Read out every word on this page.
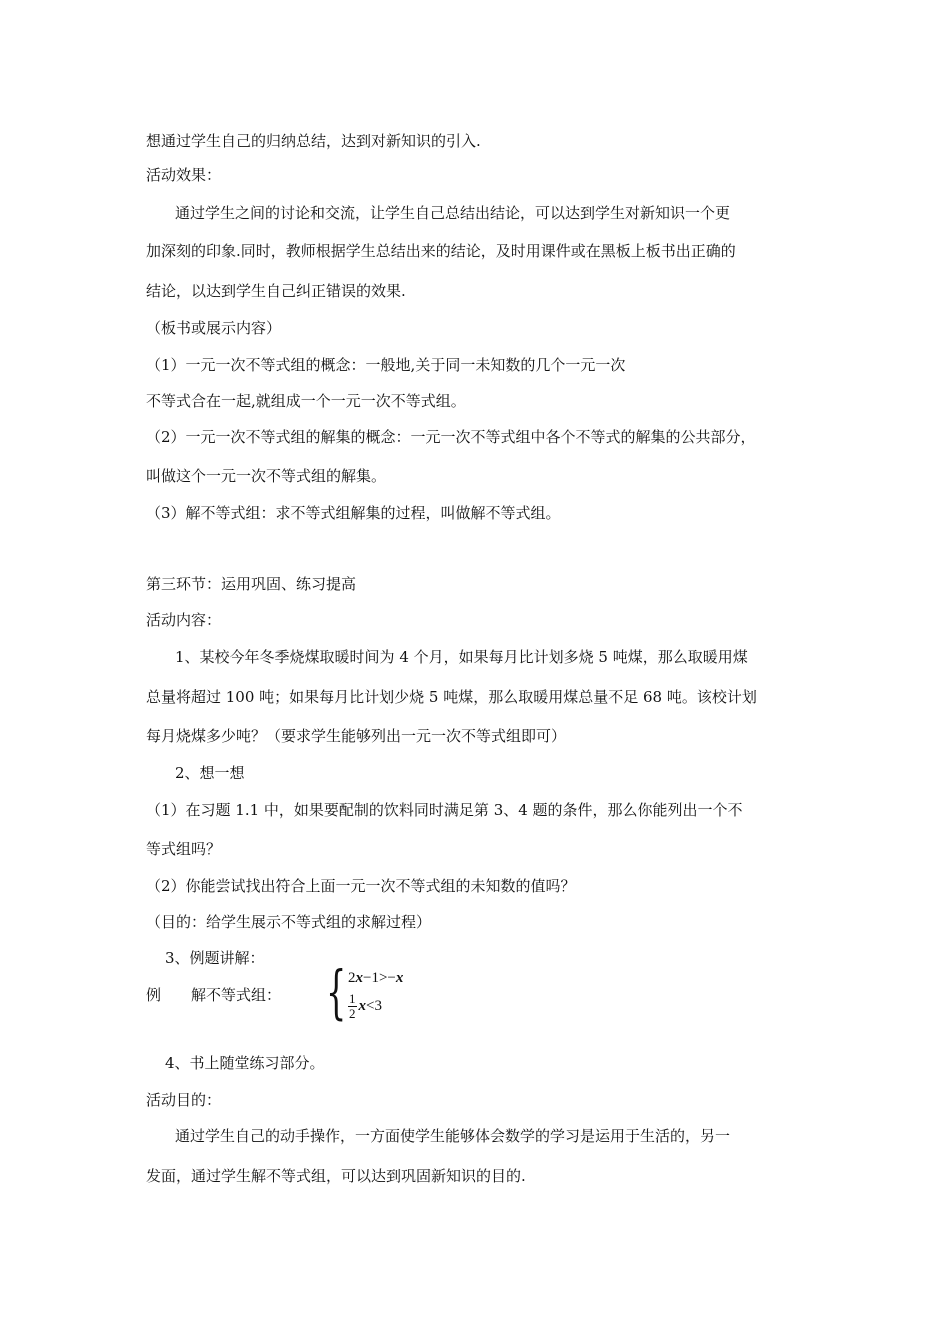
想通过学生自己的归纳总结，达到对新知识的引入.
活动效果：
通过学生之间的讨论和交流，让学生自己总结出结论，可以达到学生对新知识一个更
加深刻的印象.同时，教师根据学生总结出来的结论，及时用课件或在黑板上板书出正确的
结论，以达到学生自己纠正错误的效果.
（板书或展示内容）
（1）一元一次不等式组的概念：一般地,关于同一未知数的几个一元一次
不等式合在一起,就组成一个一元一次不等式组。
（2）一元一次不等式组的解集的概念：一元一次不等式组中各个不等式的解集的公共部分，
叫做这个一元一次不等式组的解集。
（3）解不等式组：求不等式组解集的过程，叫做解不等式组。
第三环节：运用巩固、练习提高
活动内容：
1、某校今年冬季烧煤取暖时间为 4 个月，如果每月比计划多烧 5 吨煤，那么取暖用煤
总量将超过 100 吨；如果每月比计划少烧 5 吨煤，那么取暖用煤总量不足 68 吨。该校计划
每月烧煤多少吨？（要求学生能够列出一元一次不等式组即可）
2、想一想
（1）在习题 1.1 中，如果要配制的饮料同时满足第 3、4 题的条件，那么你能列出一个不
等式组吗？
（2）你能尝试找出符合上面一元一次不等式组的未知数的值吗？
（目的：给学生展示不等式组的求解过程）
3、例题讲解：
例　　解不等式组： { 2x−1>−x
$\frac{1}{2} x<3$
4、书上随堂练习部分。
活动目的：
通过学生自己的动手操作，一方面使学生能够体会数学的学习是运用于生活的，另一
发面，通过学生解不等式组，可以达到巩固新知识的目的.
